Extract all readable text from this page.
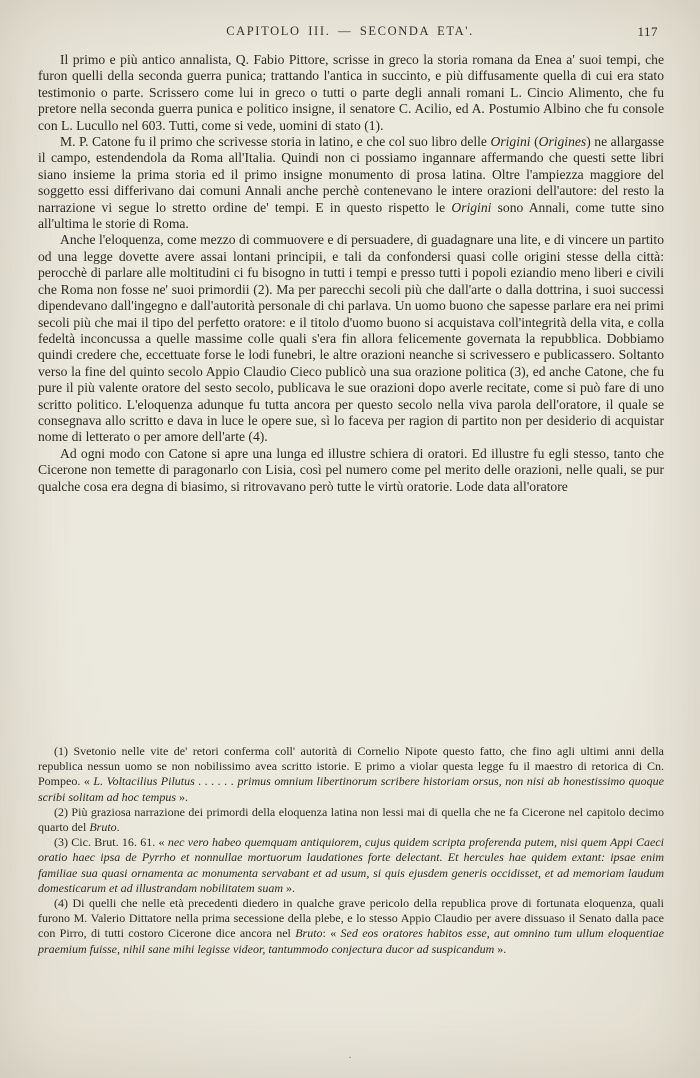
CAPITOLO III. — SECONDA ETA'.	117

Il primo e più antico annalista, Q. Fabio Pittore, scrisse in greco la storia romana da Enea a' suoi tempi, che furon quelli della seconda guerra punica; trattando l'antica in succinto, e più diffusamente quella di cui era stato testimonio o parte. Scrissero come lui in greco o tutti o parte degli annali romani L. Cincio Alimento, che fu pretore nella seconda guerra punica e politico insigne, il senatore C. Acilio, ed A. Postumio Albino che fu console con L. Lucullo nel 603. Tutti, come si vede, uomini di stato (1).

M. P. Catone fu il primo che scrivesse storia in latino, e che col suo libro delle Origini (Origines) ne allargasse il campo, estendendola da Roma all'Italia. Quindi non ci possiamo ingannare affermando che questi sette libri siano insieme la prima storia ed il primo insigne monumento di prosa latina. Oltre l'ampiezza maggiore del soggetto essi differivano dai comuni Annali anche perchè contenevano le intere orazioni dell'autore: del resto la narrazione vi segue lo stretto ordine de' tempi. E in questo rispetto le Origini sono Annali, come tutte sino all'ultima le storie di Roma.

Anche l'eloquenza, come mezzo di commuovere e di persuadere, di guadagnare una lite, e di vincere un partito od una legge dovette avere assai lontani principii, e tali da confondersi quasi colle origini stesse della città: perocchè di parlare alle moltitudini ci fu bisogno in tutti i tempi e presso tutti i popoli eziandio meno liberi e civili che Roma non fosse ne' suoi primordii (2). Ma per parecchi secoli più che dall'arte o dalla dottrina, i suoi successi dipendevano dall'ingegno e dall'autorità personale di chi parlava. Un uomo buono che sapesse parlare era nei primi secoli più che mai il tipo del perfetto oratore: e il titolo d'uomo buono si acquistava coll'integrità della vita, e colla fedeltà inconcussa a quelle massime colle quali s'era fin allora felicemente governata la repubblica. Dobbiamo quindi credere che, eccettuate forse le lodi funebri, le altre orazioni neanche si scrivessero e publicassero. Soltanto verso la fine del quinto secolo Appio Claudio Cieco publicò una sua orazione politica (3), ed anche Catone, che fu pure il più valente oratore del sesto secolo, publicava le sue orazioni dopo averle recitate, come si può fare di uno scritto politico. L'eloquenza adunque fu tutta ancora per questo secolo nella viva parola dell'oratore, il quale se consegnava allo scritto e dava in luce le opere sue, sì lo faceva per ragion di partito non per desiderio di acquistar nome di letterato o per amore dell'arte (4).

Ad ogni modo con Catone si apre una lunga ed illustre schiera di oratori. Ed illustre fu egli stesso, tanto che Cicerone non temette di paragonarlo con Lisia, così pel numero come pel merito delle orazioni, nelle quali, se pur qualche cosa era degna di biasimo, si ritrovavano però tutte le virtù oratorie. Lode data all'oratore

(1) Svetonio nelle vite de' retori conferma coll' autorità di Cornelio Nipote questo fatto, che fino agli ultimi anni della republica nessun uomo se non nobilissimo avea scritto istorie. E primo a violar questa legge fu il maestro di retorica di Cn. Pompeo. « L. Voltacilius Pilutus . . . . . . primus omnium libertinorum scribere historiam orsus, non nisi ab honestissimo quoque scribi solitam ad hoc tempus ».

(2) Più graziosa narrazione dei primordi della eloquenza latina non lessi mai di quella che ne fa Cicerone nel capitolo decimo quarto del Bruto.

(3) Cic. Brut. 16. 61. « nec vero habeo quemquam antiquiorem, cujus quidem scripta proferenda putem, nisi quem Appi Caeci oratio haec ipsa de Pyrrho et nonnullae mortuorum laudationes forte delectant. Et hercules hae quidem extant: ipsae enim familiae sua quasi ornamenta ac monumenta servabant et ad usum, si quis ejusdem generis occidisset, et ad memoriam laudum domesticarum et ad illustrandam nobilitatem suam ».

(4) Di quelli che nelle età precedenti diedero in qualche grave pericolo della republica prove di fortunata eloquenza, quali furono M. Valerio Dittatore nella prima secessione della plebe, e lo stesso Appio Claudio per avere dissuaso il Senato dalla pace con Pirro, di tutti costoro Cicerone dice ancora nel Bruto: « Sed eos oratores habitos esse, aut omnino tum ullum eloquentiae praemium fuisse, nihil sane mihi legisse videor, tantummodo conjectura ducor ad suspicandum ».

·
